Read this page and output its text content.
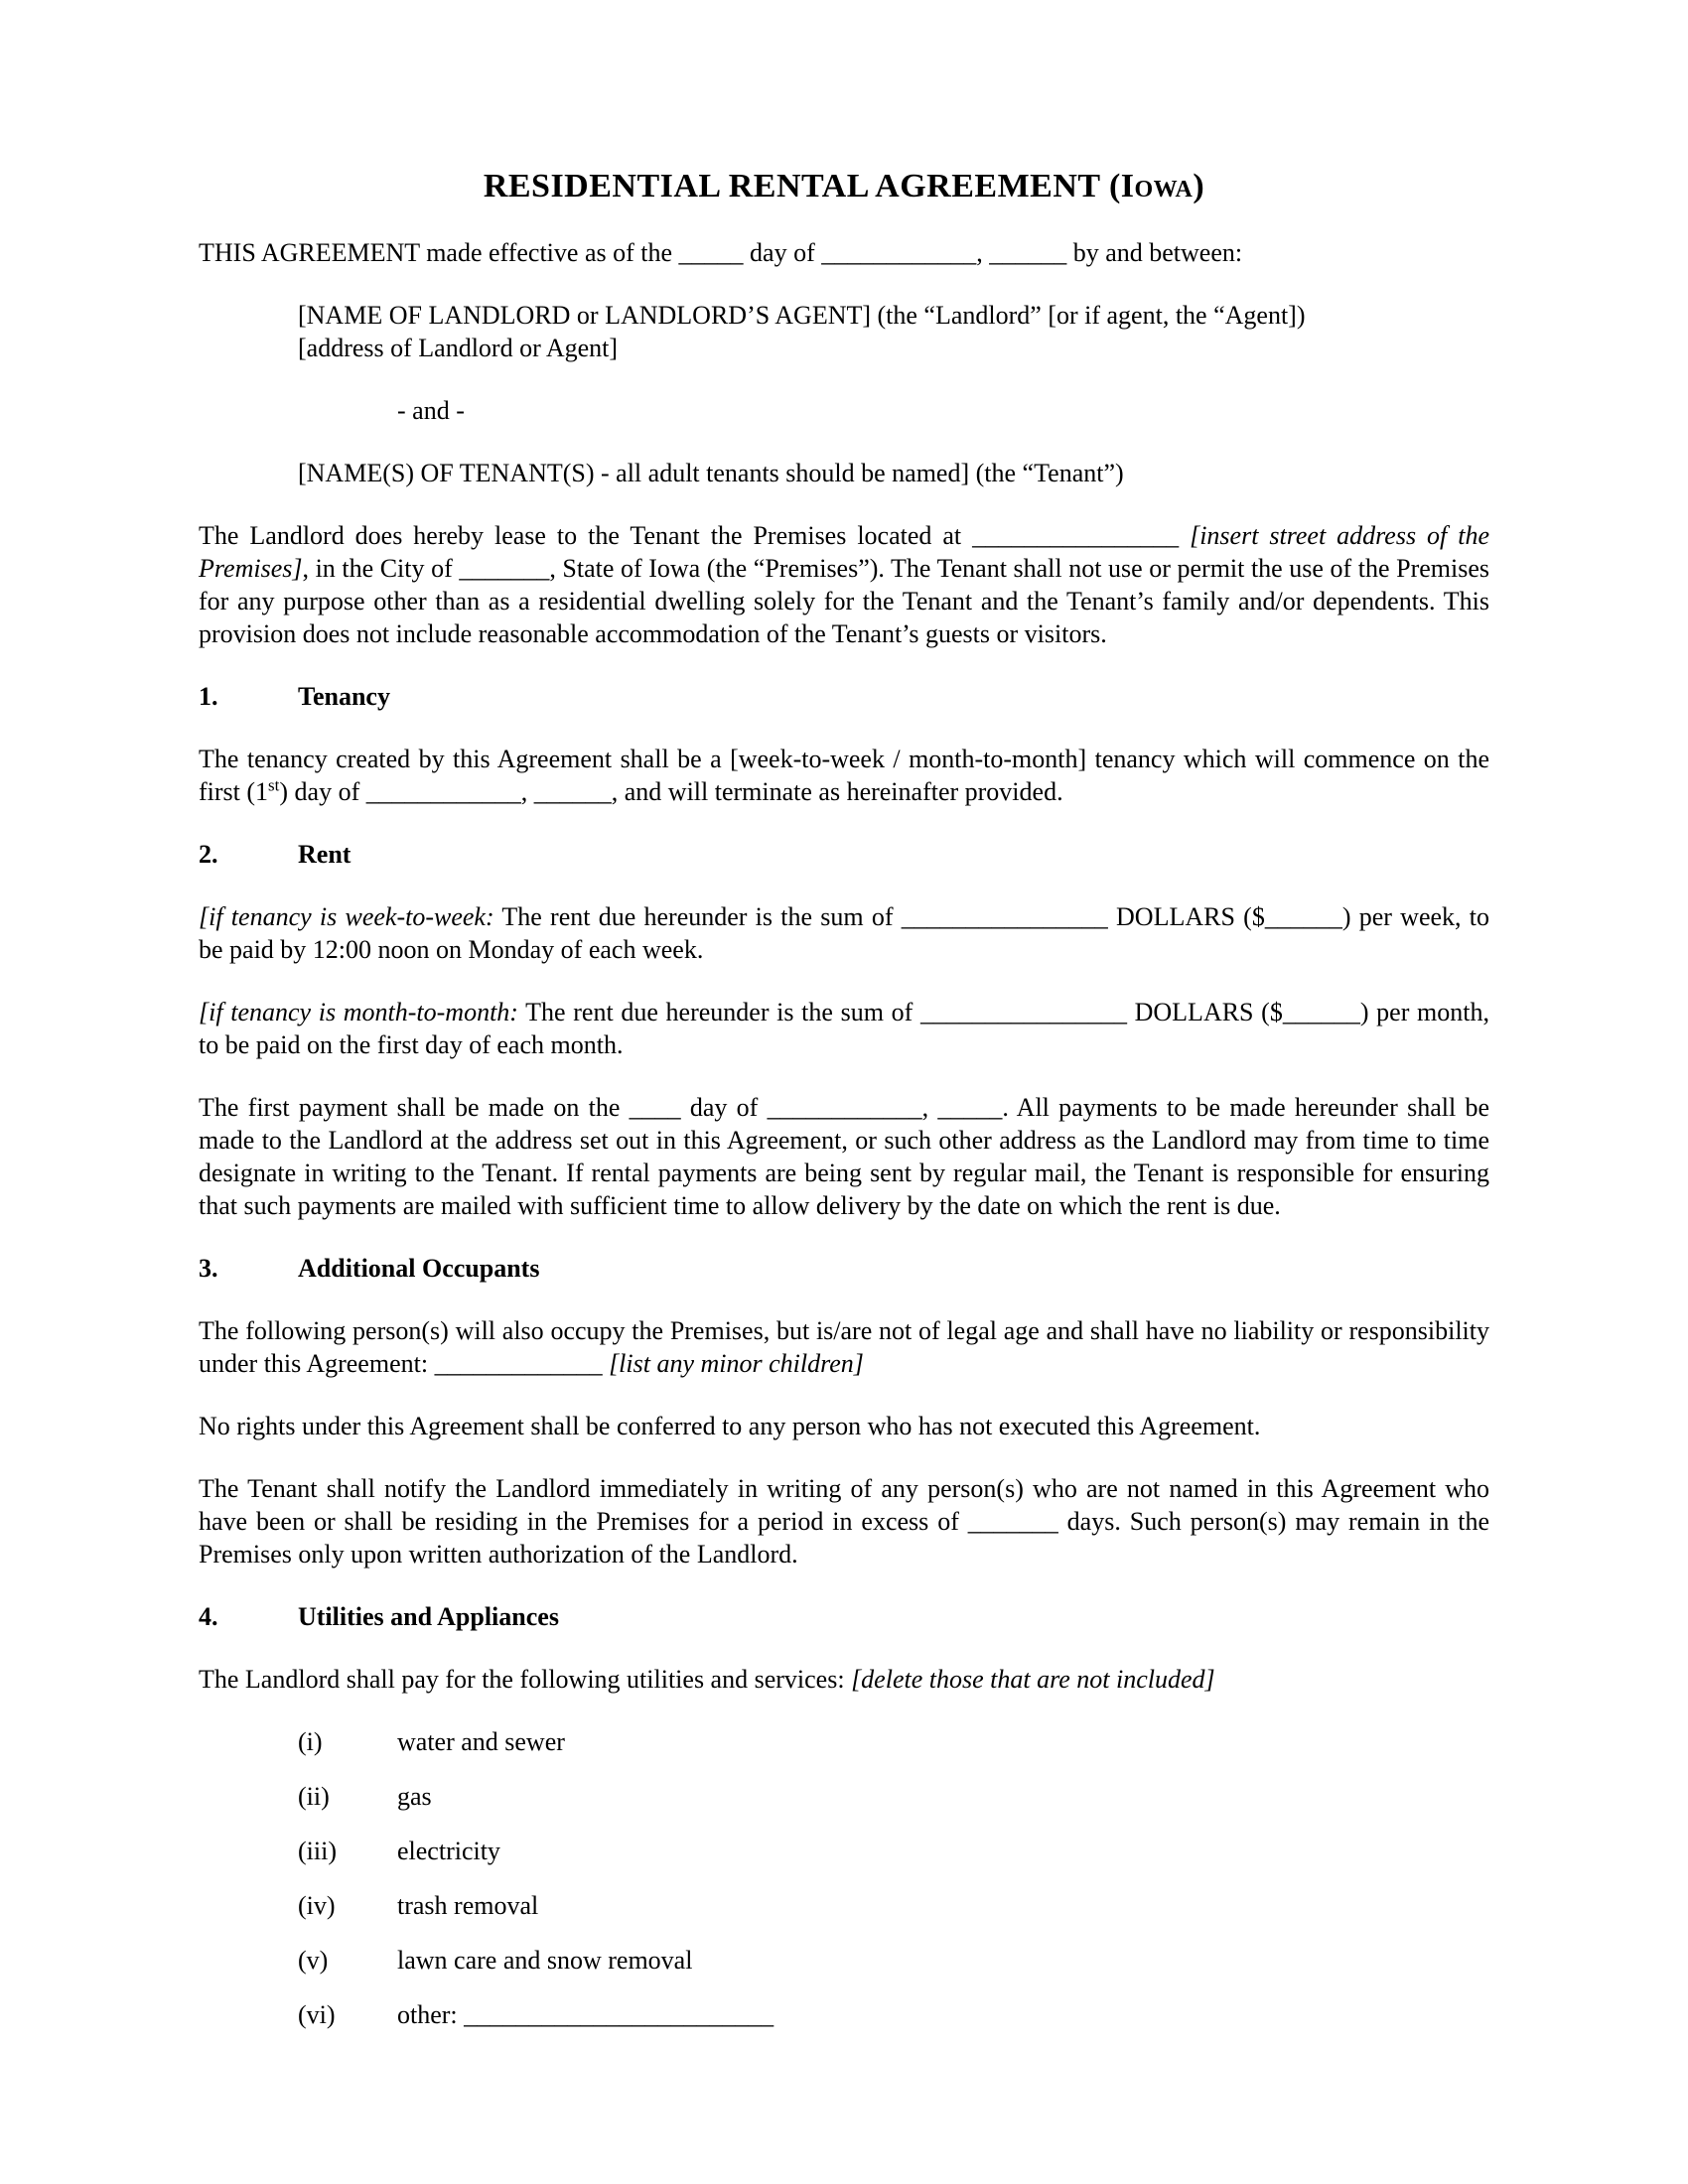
RESIDENTIAL RENTAL AGREEMENT (Iowa)
THIS AGREEMENT made effective as of the _____ day of ____________, ______ by and between:
[NAME OF LANDLORD or LANDLORD’S AGENT] (the “Landlord” [or if agent, the “Agent])
[address of Landlord or Agent]
- and -
[NAME(S) OF TENANT(S) - all adult tenants should be named] (the “Tenant”)
The Landlord does hereby lease to the Tenant the Premises located at ________________ [insert street address of the Premises], in the City of _______, State of Iowa (the “Premises”). The Tenant shall not use or permit the use of the Premises for any purpose other than as a residential dwelling solely for the Tenant and the Tenant’s family and/or dependents. This provision does not include reasonable accommodation of the Tenant’s guests or visitors.
1.	Tenancy
The tenancy created by this Agreement shall be a [week-to-week / month-to-month] tenancy which will commence on the first (1st) day of ____________, ______, and will terminate as hereinafter provided.
2.	Rent
[if tenancy is week-to-week: The rent due hereunder is the sum of ________________ DOLLARS ($______) per week, to be paid by 12:00 noon on Monday of each week.
[if tenancy is month-to-month: The rent due hereunder is the sum of ________________ DOLLARS ($______) per month, to be paid on the first day of each month.
The first payment shall be made on the ____ day of ____________, _____. All payments to be made hereunder shall be made to the Landlord at the address set out in this Agreement, or such other address as the Landlord may from time to time designate in writing to the Tenant. If rental payments are being sent by regular mail, the Tenant is responsible for ensuring that such payments are mailed with sufficient time to allow delivery by the date on which the rent is due.
3.	Additional Occupants
The following person(s) will also occupy the Premises, but is/are not of legal age and shall have no liability or responsibility under this Agreement: _____________ [list any minor children]
No rights under this Agreement shall be conferred to any person who has not executed this Agreement.
The Tenant shall notify the Landlord immediately in writing of any person(s) who are not named in this Agreement who have been or shall be residing in the Premises for a period in excess of _______ days. Such person(s) may remain in the Premises only upon written authorization of the Landlord.
4.	Utilities and Appliances
The Landlord shall pay for the following utilities and services: [delete those that are not included]
(i)	water and sewer
(ii)	gas
(iii) electricity
(iv) trash removal
(v)	lawn care and snow removal
(vi) other: ________________________
